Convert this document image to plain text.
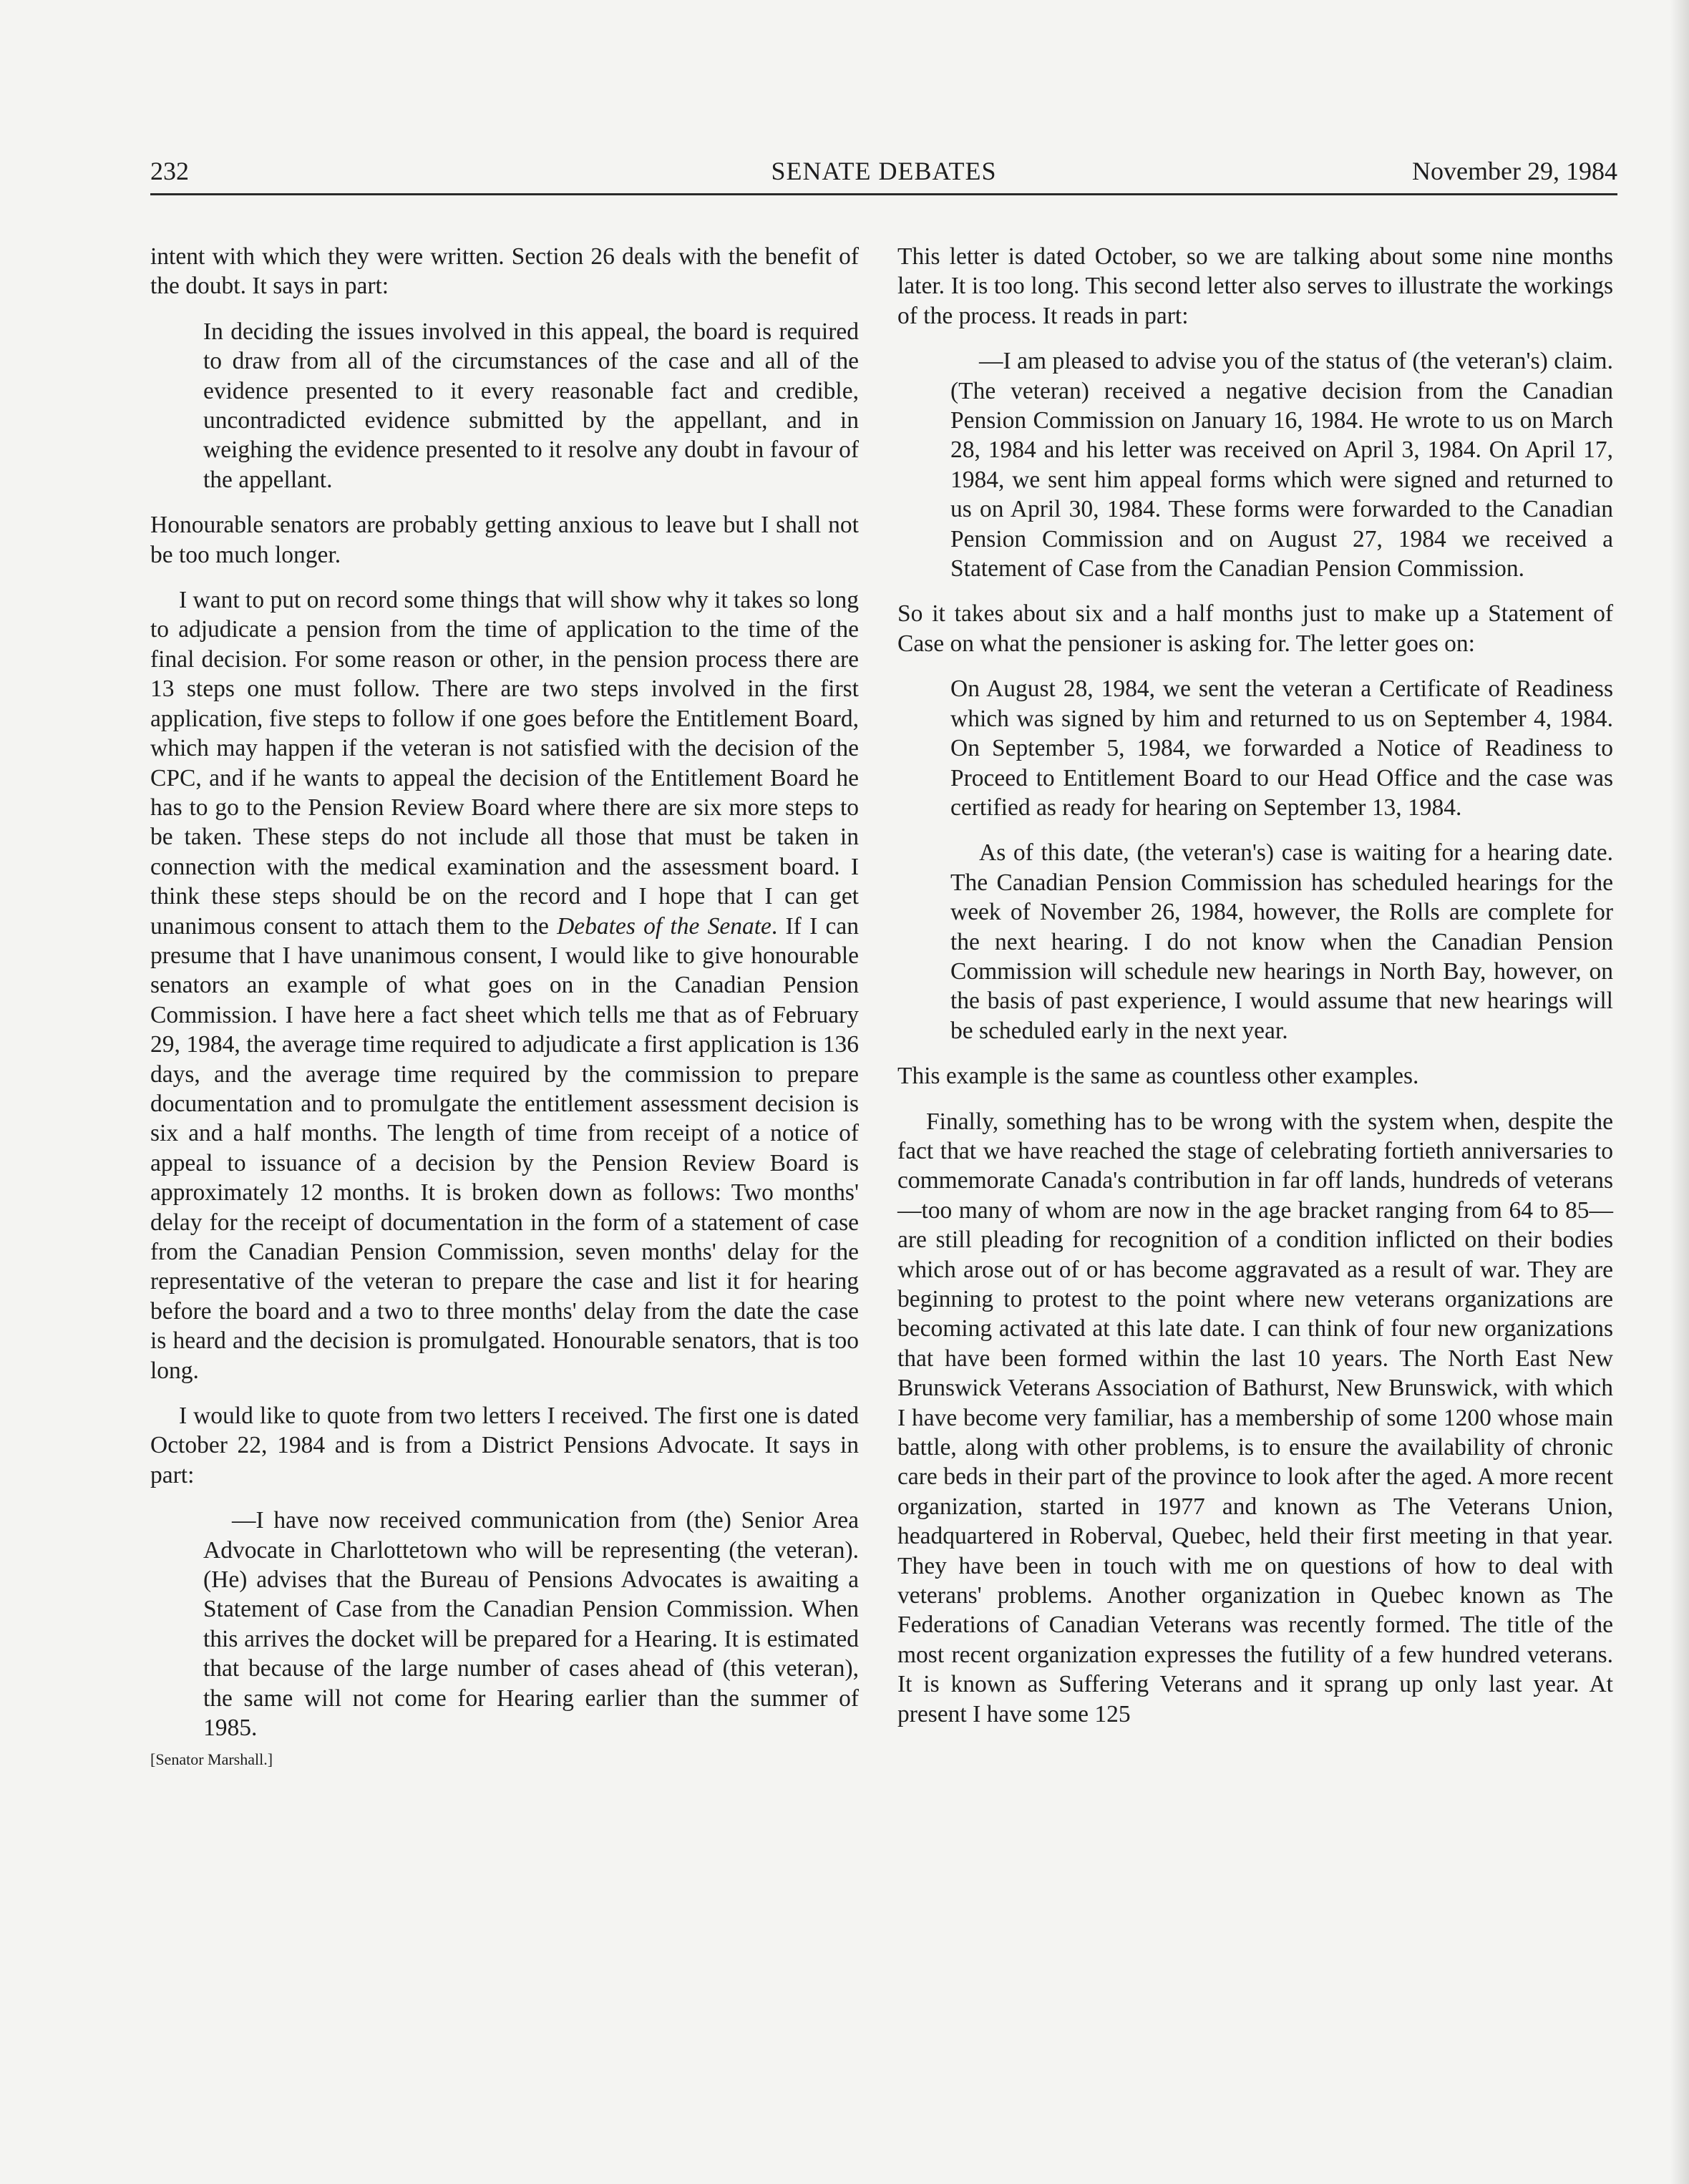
232	SENATE DEBATES	November 29, 1984

intent with which they were written. Section 26 deals with the benefit of the doubt. It says in part:

In deciding the issues involved in this appeal, the board is required to draw from all of the circumstances of the case and all of the evidence presented to it every reasonable fact and credible, uncontradicted evidence submitted by the appellant, and in weighing the evidence presented to it resolve any doubt in favour of the appellant.

Honourable senators are probably getting anxious to leave but I shall not be too much longer.

I want to put on record some things that will show why it takes so long to adjudicate a pension from the time of application to the time of the final decision. For some reason or other, in the pension process there are 13 steps one must follow. There are two steps involved in the first application, five steps to follow if one goes before the Entitlement Board, which may happen if the veteran is not satisfied with the decision of the CPC, and if he wants to appeal the decision of the Entitlement Board he has to go to the Pension Review Board where there are six more steps to be taken. These steps do not include all those that must be taken in connection with the medical examination and the assessment board. I think these steps should be on the record and I hope that I can get unanimous consent to attach them to the Debates of the Senate. If I can presume that I have unanimous consent, I would like to give honourable senators an example of what goes on in the Canadian Pension Commission. I have here a fact sheet which tells me that as of February 29, 1984, the average time required to adjudicate a first application is 136 days, and the average time required by the commission to prepare documentation and to promulgate the entitlement assessment decision is six and a half months. The length of time from receipt of a notice of appeal to issuance of a decision by the Pension Review Board is approximately 12 months. It is broken down as follows: Two months' delay for the receipt of documentation in the form of a statement of case from the Canadian Pension Commission, seven months' delay for the representative of the veteran to prepare the case and list it for hearing before the board and a two to three months' delay from the date the case is heard and the decision is promulgated. Honourable senators, that is too long.

I would like to quote from two letters I received. The first one is dated October 22, 1984 and is from a District Pensions Advocate. It says in part:

—I have now received communication from (the) Senior Area Advocate in Charlottetown who will be representing (the veteran). (He) advises that the Bureau of Pensions Advocates is awaiting a Statement of Case from the Canadian Pension Commission. When this arrives the docket will be prepared for a Hearing. It is estimated that because of the large number of cases ahead of (this veteran), the same will not come for Hearing earlier than the summer of 1985.

[Senator Marshall.]

This letter is dated October, so we are talking about some nine months later. It is too long. This second letter also serves to illustrate the workings of the process. It reads in part:

—I am pleased to advise you of the status of (the veteran's) claim. (The veteran) received a negative decision from the Canadian Pension Commission on January 16, 1984. He wrote to us on March 28, 1984 and his letter was received on April 3, 1984. On April 17, 1984, we sent him appeal forms which were signed and returned to us on April 30, 1984. These forms were forwarded to the Canadian Pension Commission and on August 27, 1984 we received a Statement of Case from the Canadian Pension Commission.

So it takes about six and a half months just to make up a Statement of Case on what the pensioner is asking for. The letter goes on:

On August 28, 1984, we sent the veteran a Certificate of Readiness which was signed by him and returned to us on September 4, 1984. On September 5, 1984, we forwarded a Notice of Readiness to Proceed to Entitlement Board to our Head Office and the case was certified as ready for hearing on September 13, 1984.

As of this date, (the veteran's) case is waiting for a hearing date. The Canadian Pension Commission has scheduled hearings for the week of November 26, 1984, however, the Rolls are complete for the next hearing. I do not know when the Canadian Pension Commission will schedule new hearings in North Bay, however, on the basis of past experience, I would assume that new hearings will be scheduled early in the next year.

This example is the same as countless other examples.

Finally, something has to be wrong with the system when, despite the fact that we have reached the stage of celebrating fortieth anniversaries to commemorate Canada's contribution in far off lands, hundreds of veterans—too many of whom are now in the age bracket ranging from 64 to 85—are still pleading for recognition of a condition inflicted on their bodies which arose out of or has become aggravated as a result of war. They are beginning to protest to the point where new veterans organizations are becoming activated at this late date. I can think of four new organizations that have been formed within the last 10 years. The North East New Brunswick Veterans Association of Bathurst, New Brunswick, with which I have become very familiar, has a membership of some 1200 whose main battle, along with other problems, is to ensure the availability of chronic care beds in their part of the province to look after the aged. A more recent organization, started in 1977 and known as The Veterans Union, headquartered in Roberval, Quebec, held their first meeting in that year. They have been in touch with me on questions of how to deal with veterans' problems. Another organization in Quebec known as The Federations of Canadian Veterans was recently formed. The title of the most recent organization expresses the futility of a few hundred veterans. It is known as Suffering Veterans and it sprang up only last year. At present I have some 125
